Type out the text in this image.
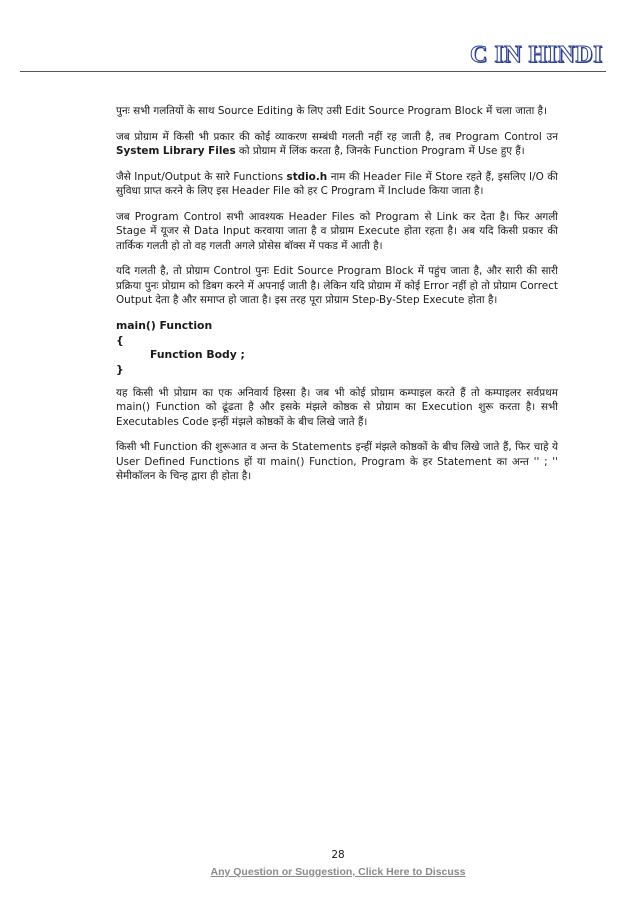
C IN HINDI

पुनः सभी गलतियों के साथ Source Editing के लिए उसी Edit Source Program Block में चला जाता है।

जब प्रोग्राम में किसी भी प्रकार की कोई व्याकरण सम्बंधी गलती नहीं रह जाती है, तब Program Control उन System Library Files को प्रोग्राम में लिंक करता है, जिनके Function Program में Use हुए हैं।

जैसे Input/Output के सारे Functions stdio.h नाम की Header File में Store रहते हैं, इसलिए I/O की सुविधा प्राप्त करने के लिए इस Header File को हर C Program में Include किया जाता है।

जब Program Control सभी आवश्यक Header Files को Program से Link कर देता है। फिर अगली Stage में यूजर से Data Input करवाया जाता है व प्रोग्राम Execute होता रहता है। अब यदि किसी प्रकार की तार्किक गलती हो तो वह गलती अगले प्रोसेस बॉक्स में पकड में आती है।

यदि गलती है, तो प्रोग्राम Control पुनः Edit Source Program Block में पहुंच जाता है, और सारी की सारी प्रक्रिया पुनः प्रोग्राम को डिबग करने में अपनाई जाती है। लेकिन यदि प्रोग्राम में कोई Error नहीं हो तो प्रोग्राम Correct Output देता है और समाप्त हो जाता है। इस तरह पूरा प्रोग्राम Step-By-Step Execute होता है।

main() Function
{
Function Body ;
}

यह किसी भी प्रोग्राम का एक अनिवार्य हिस्सा है। जब भी कोई प्रोग्राम कम्पाइल करते हैं तो कम्पाइलर सर्वप्रथम main() Function को ढूंढता है और इसके मंझले कोष्ठक से प्रोग्राम का Execution शुरू करता है। सभी Executables Code इन्हीं मंझले कोष्ठकों के बीच लिखे जाते हैं।

किसी भी Function की शुरूआत व अन्त के Statements इन्हीं मंझले कोष्ठकों के बीच लिखे जाते हैं, फिर चाहे ये User Defined Functions हों या main() Function, Program के हर Statement का अन्त '' ; '' सेमीकॉलन के चिन्ह द्वारा ही होता है।

28
Any Question or Suggestion, Click Here to Discuss
